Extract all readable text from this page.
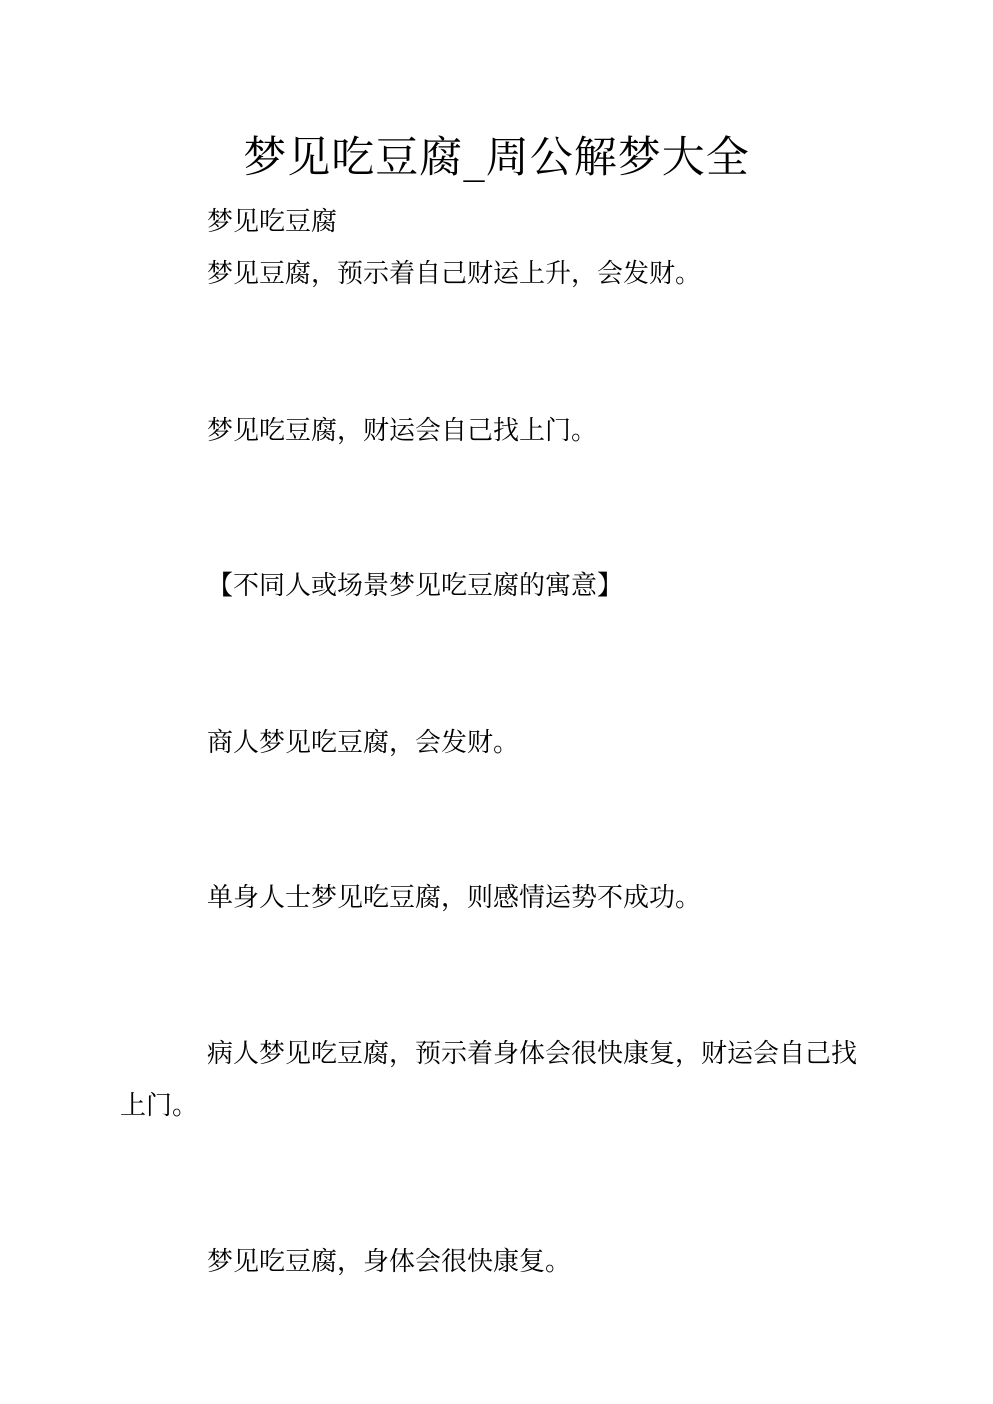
梦见吃豆腐_周公解梦大全

梦见吃豆腐

梦见豆腐，预示着自己财运上升，会发财。

梦见吃豆腐，财运会自己找上门。

【不同人或场景梦见吃豆腐的寓意】

商人梦见吃豆腐，会发财。

单身人士梦见吃豆腐，则感情运势不成功。

病人梦见吃豆腐，预示着身体会很快康复，财运会自己找上门。

梦见吃豆腐，身体会很快康复。
